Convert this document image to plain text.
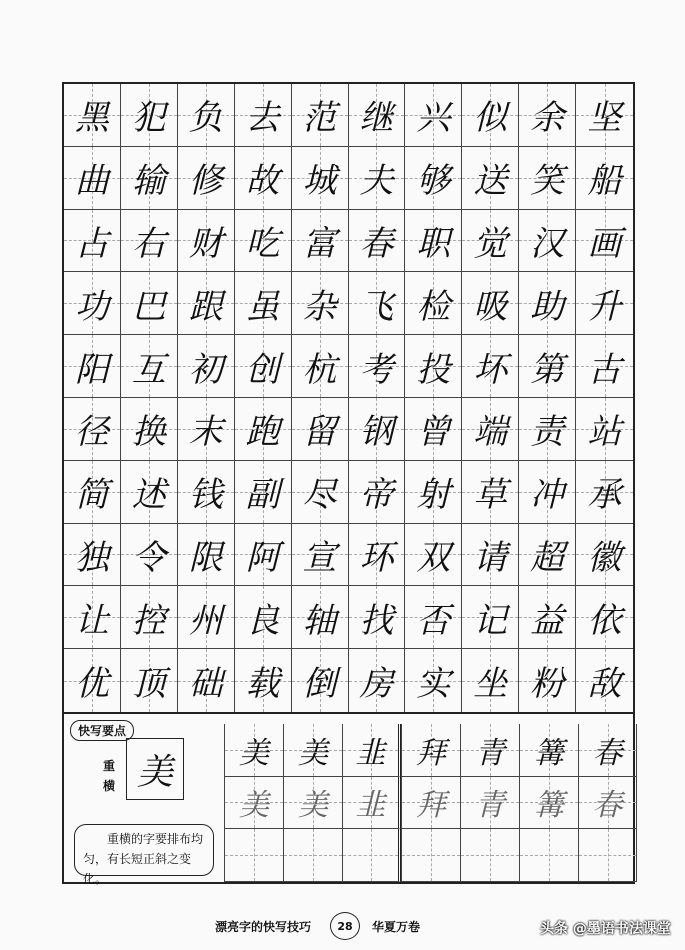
黑 犯 负 去 范 继 兴 似 余 坚
曲 输 修 故 城 夫 够 送 笑 船
占 右 财 吃 富 春 职 觉 汉 画
功 巴 跟 虽 杂 飞 检 吸 助 升
阳 互 初 创 杭 考 投 坏 第 古
径 换 末 跑 留 钢 曾 端 责 站
简 述 钱 副 尽 帝 射 草 冲 承
独 令 限 阿 宣 环 双 请 超 徽
让 控 州 良 轴 找 否 记 益 依
优 顶 础 载 倒 房 实 坐 粉 敌
快写要点
重横 美
重横的字要排布均匀，有长短正斜之变化。
美 美 韭 拜 青 篝 春
美 美 韭 拜 青 篝 春
漂亮字的快写技巧	28	华夏万卷	头条 @墨语书法课堂
